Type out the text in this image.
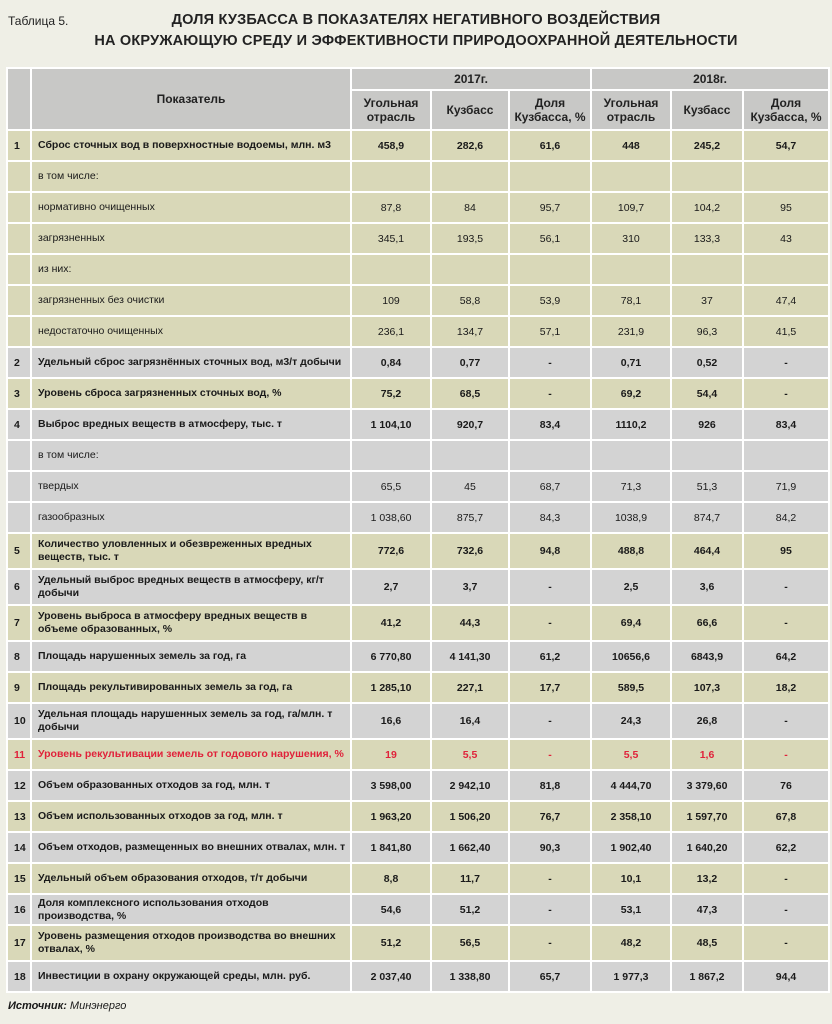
Таблица 5.	ДОЛЯ КУЗБАССА В ПОКАЗАТЕЛЯХ НЕГАТИВНОГО ВОЗДЕЙСТВИЯ
НА ОКРУЖАЮЩУЮ СРЕДУ И ЭФФЕКТИВНОСТИ ПРИРОДООХРАННОЙ ДЕЯТЕЛЬНОСТИ
	Показатель	2017г.			2018г.		
		Угольная отрасль	Кузбасс	Доля Кузбасса, %	Угольная отрасль	Кузбасс	Доля Кузбасса, %
1	Сброс сточных вод в поверхностные водоемы, млн. м3	458,9	282,6	61,6	448	245,2	54,7
	в том числе:						
	нормативно очищенных	87,8	84	95,7	109,7	104,2	95
	загрязненных	345,1	193,5	56,1	310	133,3	43
	из них:						
	загрязненных без очистки	109	58,8	53,9	78,1	37	47,4
	недостаточно очищенных	236,1	134,7	57,1	231,9	96,3	41,5
2	Удельный сброс загрязнённых сточных вод, м3/т добычи	0,84	0,77	-	0,71	0,52	-
3	Уровень сброса загрязненных сточных вод, %	75,2	68,5	-	69,2	54,4	-
4	Выброс вредных веществ в атмосферу, тыс. т	1 104,10	920,7	83,4	1110,2	926	83,4
	в том числе:						
	твердых	65,5	45	68,7	71,3	51,3	71,9
	газообразных	1 038,60	875,7	84,3	1038,9	874,7	84,2
5	Количество уловленных и обезвреженных вредных веществ, тыс. т	772,6	732,6	94,8	488,8	464,4	95
6	Удельный выброс вредных веществ в атмосферу, кг/т добычи	2,7	3,7	-	2,5	3,6	-
7	Уровень выброса в атмосферу вредных веществ в объеме образованных, %	41,2	44,3	-	69,4	66,6	-
8	Площадь нарушенных земель за год, га	6 770,80	4 141,30	61,2	10656,6	6843,9	64,2
9	Площадь рекультивированных земель за год, га	1 285,10	227,1	17,7	589,5	107,3	18,2
10	Удельная площадь нарушенных земель за год, га/млн. т добычи	16,6	16,4	-	24,3	26,8	-
11	Уровень рекультивации земель от годового нарушения, %	19	5,5	-	5,5	1,6	-
12	Объем образованных отходов за год, млн. т	3 598,00	2 942,10	81,8	4 444,70	3 379,60	76
13	Объем использованных отходов за год, млн. т	1 963,20	1 506,20	76,7	2 358,10	1 597,70	67,8
14	Объем отходов, размещенных во внешних отвалах, млн. т	1 841,80	1 662,40	90,3	1 902,40	1 640,20	62,2
15	Удельный объем образования отходов, т/т добычи	8,8	11,7	-	10,1	13,2	-
16	Доля комплексного использования отходов производства, %	54,6	51,2	-	53,1	47,3	-
17	Уровень размещения отходов производства во внешних отвалах, %	51,2	56,5	-	48,2	48,5	-
18	Инвестиции в охрану окружающей среды, млн. руб.	2 037,40	1 338,80	65,7	1 977,3	1 867,2	94,4
Источник: Минэнерго
